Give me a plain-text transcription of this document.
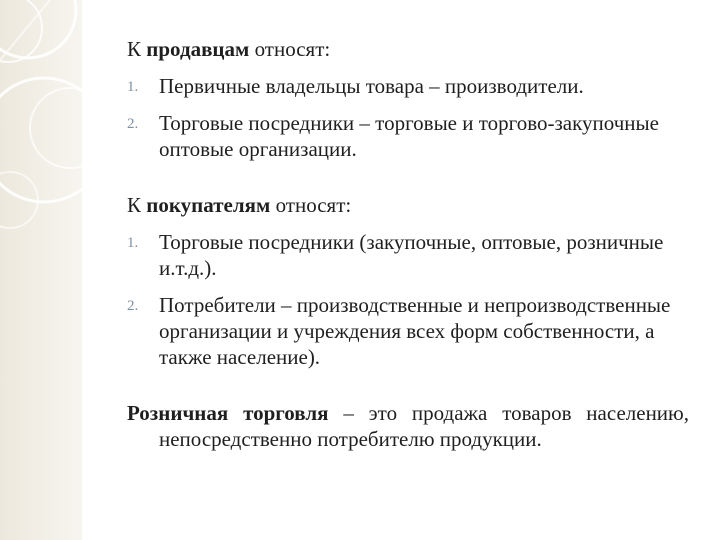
К продавцам относят:

1. Первичные владельцы товара – производители.
2. Торговые посредники – торговые и торгово-закупочные оптовые организации.

К покупателям относят:

1. Торговые посредники (закупочные, оптовые, розничные и.т.д.).
2. Потребители – производственные и непроизводственные организации и учреждения всех форм собственности, а также население).

Розничная торговля – это продажа товаров населению, непосредственно потребителю продукции.
